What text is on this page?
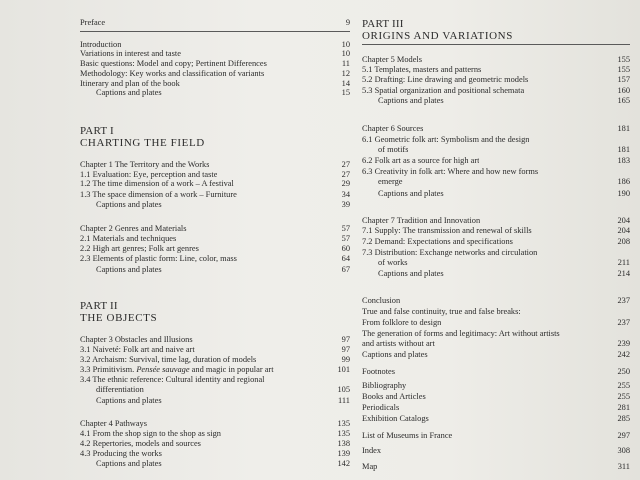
Preface	9
Introduction	10
Variations in interest and taste	10
Basic questions: Model and copy; Pertinent Differences	11
Methodology: Key works and classification of variants	12
Itinerary and plan of the book	14
Captions and plates	15
PART I
CHARTING THE FIELD
Chapter 1 The Territory and the Works	27
1.1 Evaluation: Eye, perception and taste	27
1.2 The time dimension of a work – A festival	29
1.3 The space dimension of a work – Furniture	34
Captions and plates	39
Chapter 2 Genres and Materials	57
2.1 Materials and techniques	57
2.2 High art genres; Folk art genres	60
2.3 Elements of plastic form: Line, color, mass	64
Captions and plates	67
PART II
THE OBJECTS
Chapter 3 Obstacles and Illusions	97
3.1 Naiveté: Folk art and naive art	97
3.2 Archaism: Survival, time lag, duration of models	99
3.3 Primitivism. Pensée sauvage and magic in popular art	101
3.4 The ethnic reference: Cultural identity and regional
differentiation	105
Captions and plates	111
Chapter 4 Pathways	135
4.1 From the shop sign to the shop as sign	135
4.2 Repertories, models and sources	138
4.3 Producing the works	139
Captions and plates	142
PART III
ORIGINS AND VARIATIONS
Chapter 5 Models	155
5.1 Templates, masters and patterns	155
5.2 Drafting: Line drawing and geometric models	157
5.3 Spatial organization and positional schemata	160
Captions and plates	165
Chapter 6 Sources	181
6.1 Geometric folk art: Symbolism and the design
of motifs	181
6.2 Folk art as a source for high art	183
6.3 Creativity in folk art: Where and how new forms
emerge	186
Captions and plates	190
Chapter 7 Tradition and Innovation	204
7.1 Supply: The transmission and renewal of skills	204
7.2 Demand: Expectations and specifications	208
7.3 Distribution: Exchange networks and circulation
of works	211
Captions and plates	214
Conclusion	237
True and false continuity, true and false breaks:
From folklore to design	237
The generation of forms and legitimacy: Art without artists
and artists without art	239
Captions and plates	242
Footnotes	250
Bibliography	255
Books and Articles	255
Periodicals	281
Exhibition Catalogs	285
List of Museums in France	297
Index	308
Map	311
